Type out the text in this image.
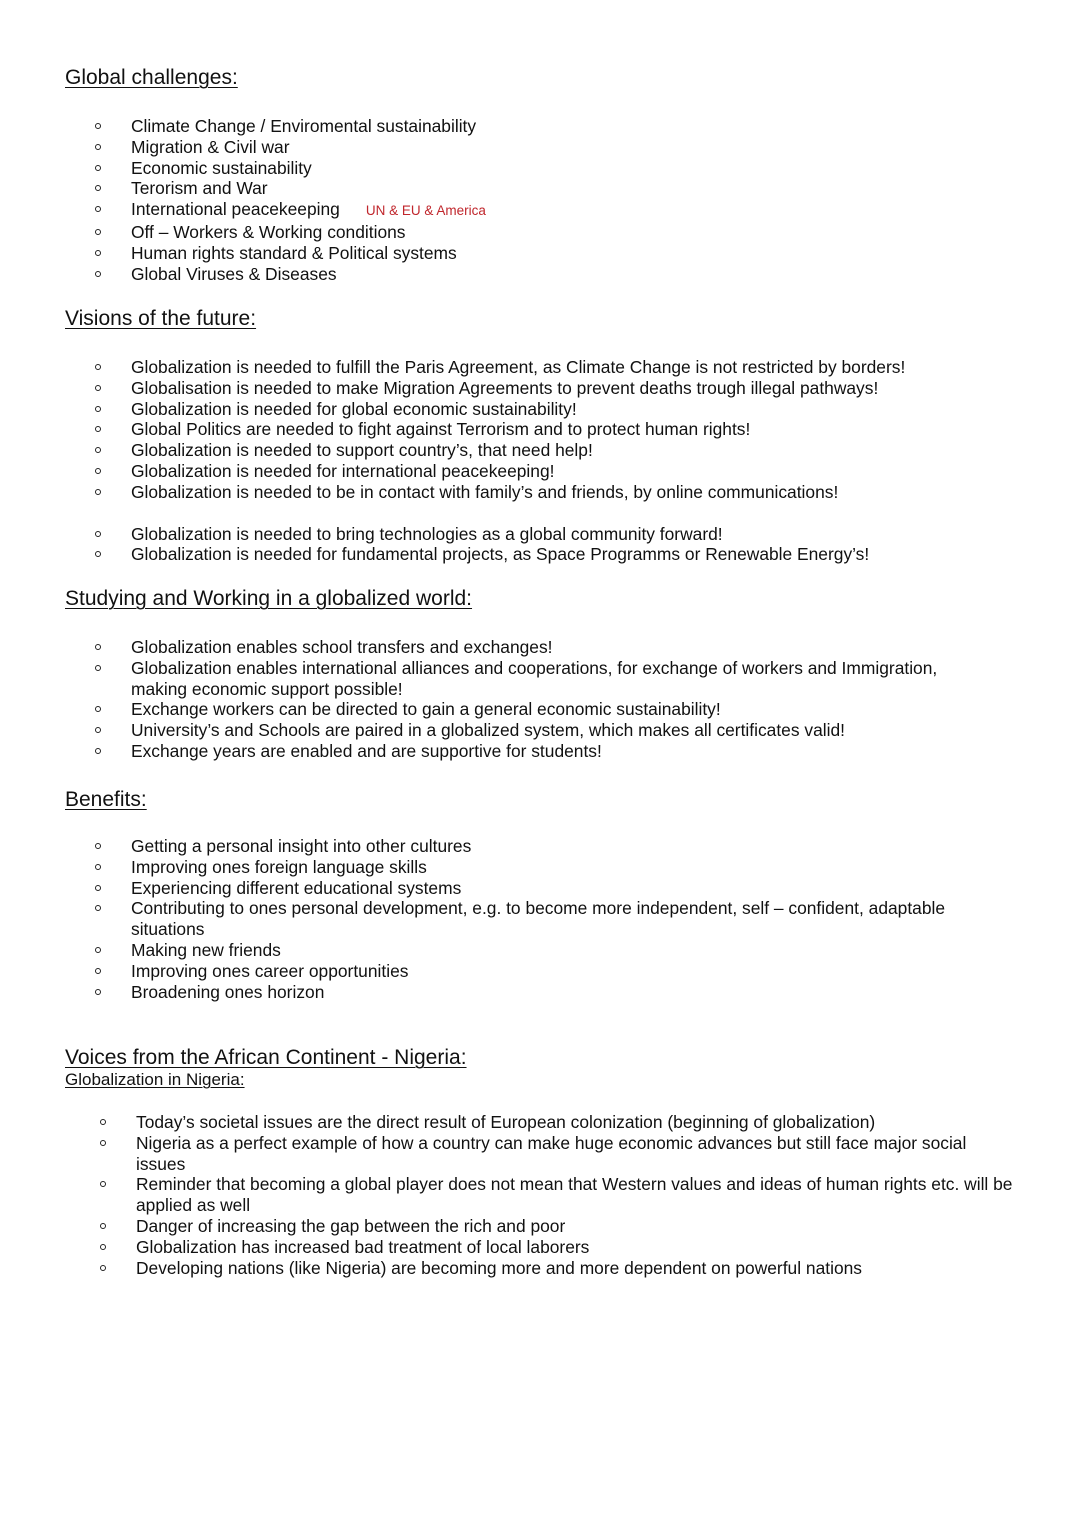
Global challenges:
Climate Change / Enviromental sustainability
Migration & Civil war
Economic sustainability
Terorism and War
International peacekeeping UN & EU & America
Off – Workers & Working conditions
Human rights standard & Political systems
Global Viruses & Diseases
Visions of the future:
Globalization is needed to fulfill the Paris Agreement, as Climate Change is not restricted by borders!
Globalisation is needed to make Migration Agreements to prevent deaths trough illegal pathways!
Globalization is needed for global economic sustainability!
Global Politics are needed to fight against Terrorism and to protect human rights!
Globalization is needed to support country’s, that need help!
Globalization is needed for international peacekeeping!
Globalization is needed to be in contact with family’s and friends, by online communications!
Globalization is needed to bring technologies as a global community forward!
Globalization is needed for fundamental projects, as Space Programms or Renewable Energy’s!
Studying and Working in a globalized world:
Globalization enables school transfers and exchanges!
Globalization enables international alliances and cooperations, for exchange of workers and Immigration, making economic support possible!
Exchange workers can be directed to gain a general economic sustainability!
University’s and Schools are paired in a globalized system, which makes all certificates valid!
Exchange years are enabled and are supportive for students!
Benefits:
Getting a personal insight into other cultures
Improving ones foreign language skills
Experiencing different educational systems
Contributing to ones personal development, e.g. to become more independent, self – confident, adaptable situations
Making new friends
Improving ones career opportunities
Broadening ones horizon
Voices from the African Continent - Nigeria:
Globalization in Nigeria:
Today’s societal issues are the direct result of European colonization (beginning of globalization)
Nigeria as a perfect example of how a country can make huge economic advances but still face major social issues
Reminder that becoming a global player does not mean that Western values and ideas of human rights etc. will be applied as well
Danger of increasing the gap between the rich and poor
Globalization has increased bad treatment of local laborers
Developing nations (like Nigeria) are becoming more and more dependent on powerful nations
